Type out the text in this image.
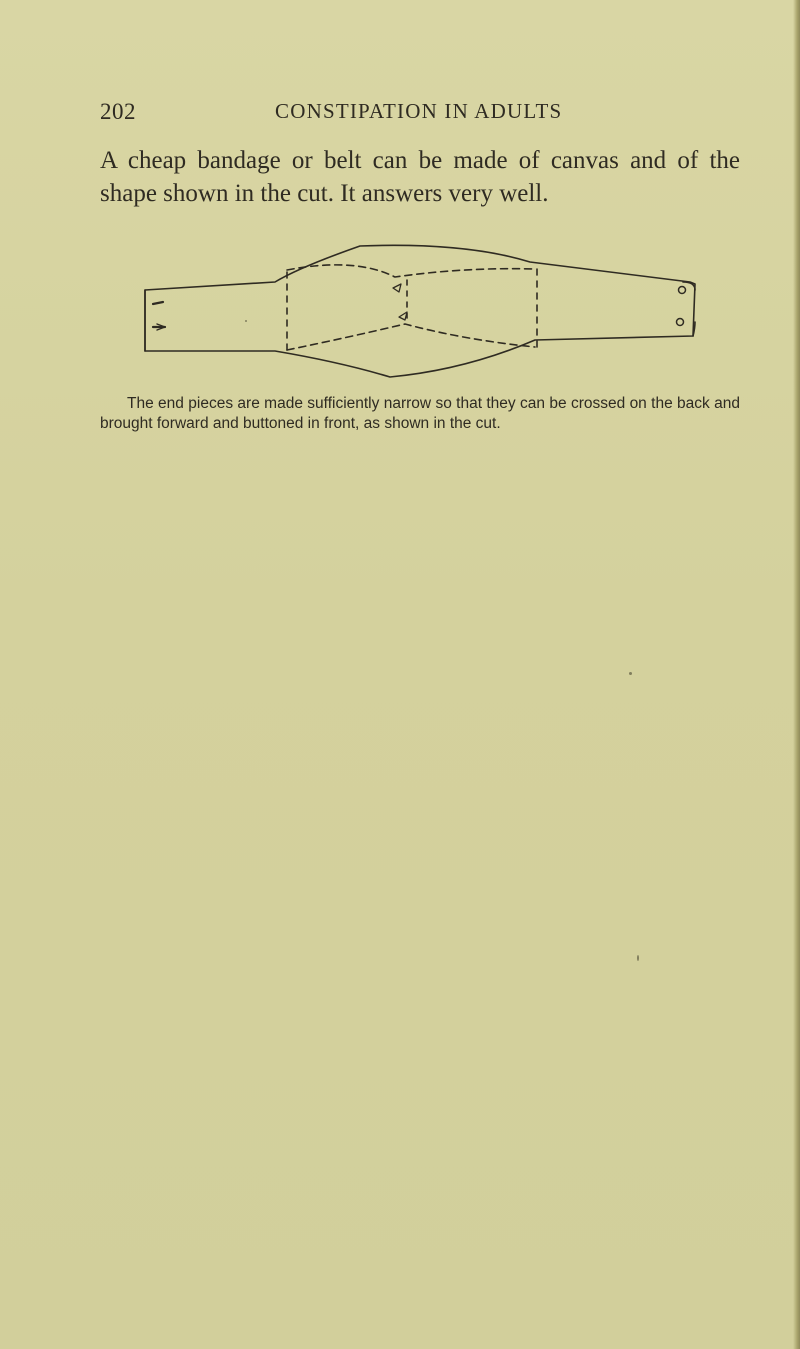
202	CONSTIPATION IN ADULTS

A cheap bandage or belt can be made of canvas and of the shape shown in the cut. It answers very well.

The end pieces are made sufficiently narrow so that they can be crossed on the back and brought forward and buttoned in front, as shown in the cut.
